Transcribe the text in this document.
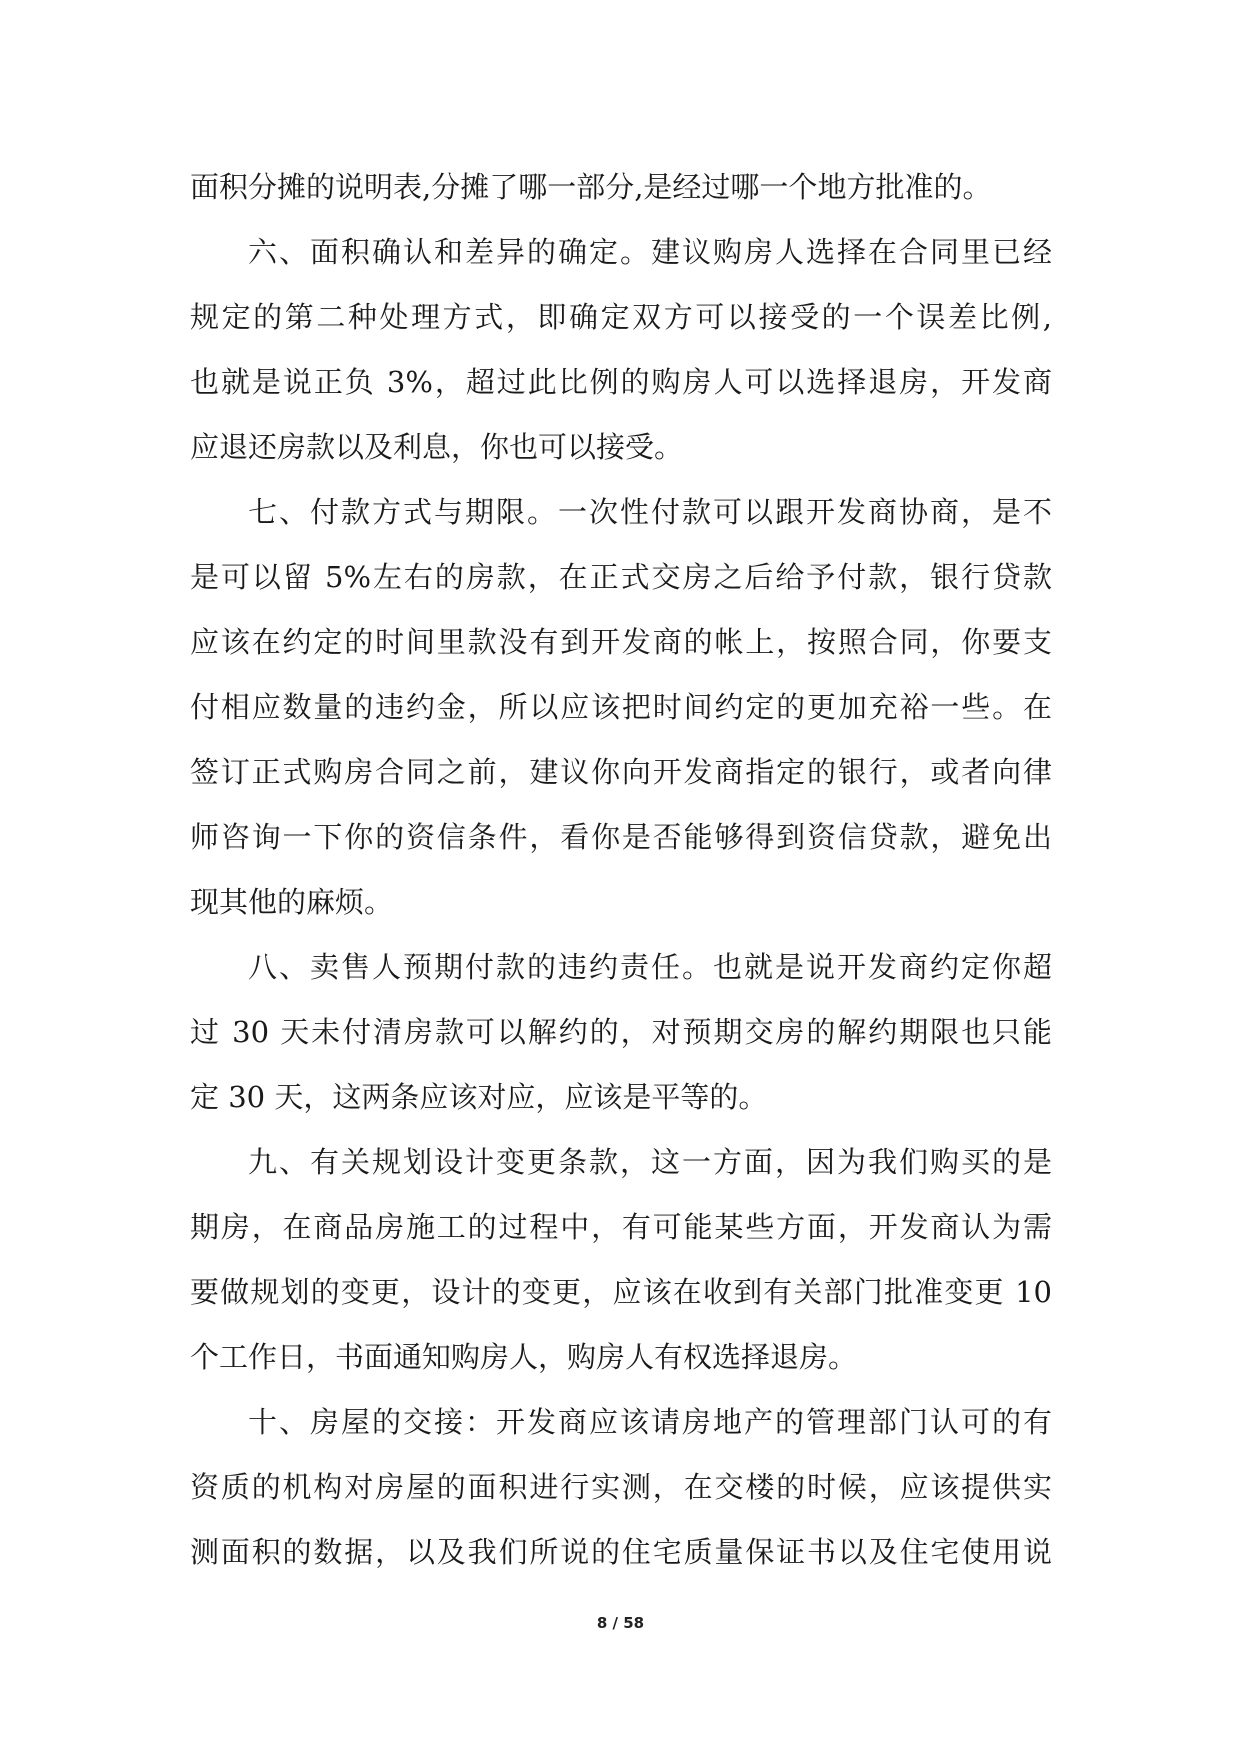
面积分摊的说明表,分摊了哪一部分,是经过哪一个地方批准的。
六、面积确认和差异的确定。建议购房人选择在合同里已经
规定的第二种处理方式，即确定双方可以接受的一个误差比例,
也就是说正负 3%，超过此比例的购房人可以选择退房，开发商
应退还房款以及利息，你也可以接受。
七、付款方式与期限。一次性付款可以跟开发商协商，是不
是可以留 5%左右的房款，在正式交房之后给予付款，银行贷款
应该在约定的时间里款没有到开发商的帐上，按照合同，你要支
付相应数量的违约金，所以应该把时间约定的更加充裕一些。在
签订正式购房合同之前，建议你向开发商指定的银行，或者向律
师咨询一下你的资信条件，看你是否能够得到资信贷款，避免出
现其他的麻烦。
八、卖售人预期付款的违约责任。也就是说开发商约定你超
过 30 天未付清房款可以解约的，对预期交房的解约期限也只能
定 30 天，这两条应该对应，应该是平等的。
九、有关规划设计变更条款，这一方面，因为我们购买的是
期房，在商品房施工的过程中，有可能某些方面，开发商认为需
要做规划的变更，设计的变更，应该在收到有关部门批准变更 10
个工作日，书面通知购房人，购房人有权选择退房。
十、房屋的交接：开发商应该请房地产的管理部门认可的有
资质的机构对房屋的面积进行实测，在交楼的时候，应该提供实
测面积的数据，以及我们所说的住宅质量保证书以及住宅使用说
8 / 58
